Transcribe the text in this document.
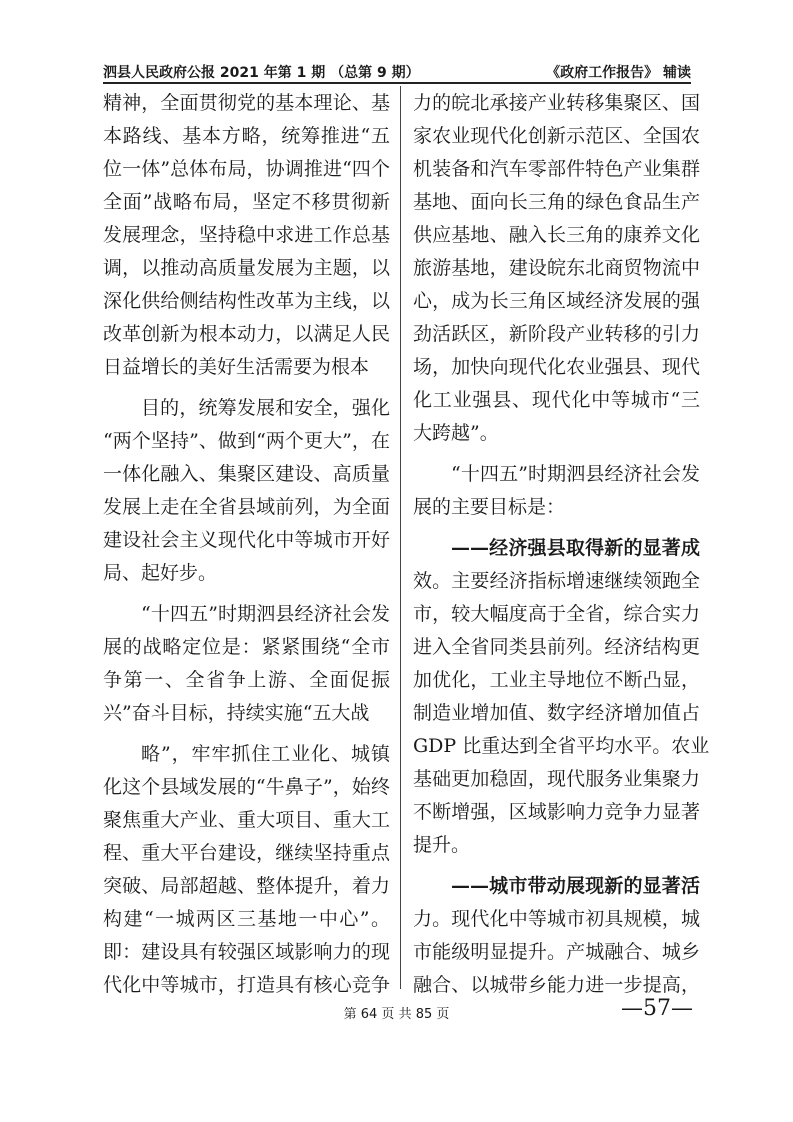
泗县人民政府公报 2021 年第 1 期 （总第 9 期）	《政府工作报告》 辅读
精神，全面贯彻党的基本理论、基
本路线、基本方略，统筹推进“五
位一体”总体布局，协调推进“四个
全面”战略布局，坚定不移贯彻新
发展理念，坚持稳中求进工作总基
调，以推动高质量发展为主题，以
深化供给侧结构性改革为主线，以
改革创新为根本动力，以满足人民
日益增长的美好生活需要为根本
目的，统筹发展和安全，强化
“两个坚持”、做到“两个更大”，在
一体化融入、集聚区建设、高质量
发展上走在全省县域前列，为全面
建设社会主义现代化中等城市开好
局、起好步。
“十四五”时期泗县经济社会发
展的战略定位是：紧紧围绕“全市
争第一、全省争上游、全面促振
兴”奋斗目标，持续实施“五大战
略”，牢牢抓住工业化、城镇
化这个县域发展的“牛鼻子”，始终
聚焦重大产业、重大项目、重大工
程、重大平台建设，继续坚持重点
突破、局部超越、整体提升，着力
构建“一城两区三基地一中心”。
即：建设具有较强区域影响力的现
代化中等城市，打造具有核心竞争
力的皖北承接产业转移集聚区、国
家农业现代化创新示范区、全国农
机装备和汽车零部件特色产业集群
基地、面向长三角的绿色食品生产
供应基地、融入长三角的康养文化
旅游基地，建设皖东北商贸物流中
心，成为长三角区域经济发展的强
劲活跃区，新阶段产业转移的引力
场，加快向现代化农业强县、现代
化工业强县、现代化中等城市“三
大跨越”。
“十四五”时期泗县经济社会发
展的主要目标是：
——经济强县取得新的显著成
效。主要经济指标增速继续领跑全
市，较大幅度高于全省，综合实力
进入全省同类县前列。经济结构更
加优化，工业主导地位不断凸显，
制造业增加值、数字经济增加值占
GDP 比重达到全省平均水平。农业
基础更加稳固，现代服务业集聚力
不断增强，区域影响力竞争力显著
提升。
——城市带动展现新的显著活
力。现代化中等城市初具规模，城
市能级明显提升。产城融合、城乡
融合、以城带乡能力进一步提高，
第 64 页 共 85 页	—57—
